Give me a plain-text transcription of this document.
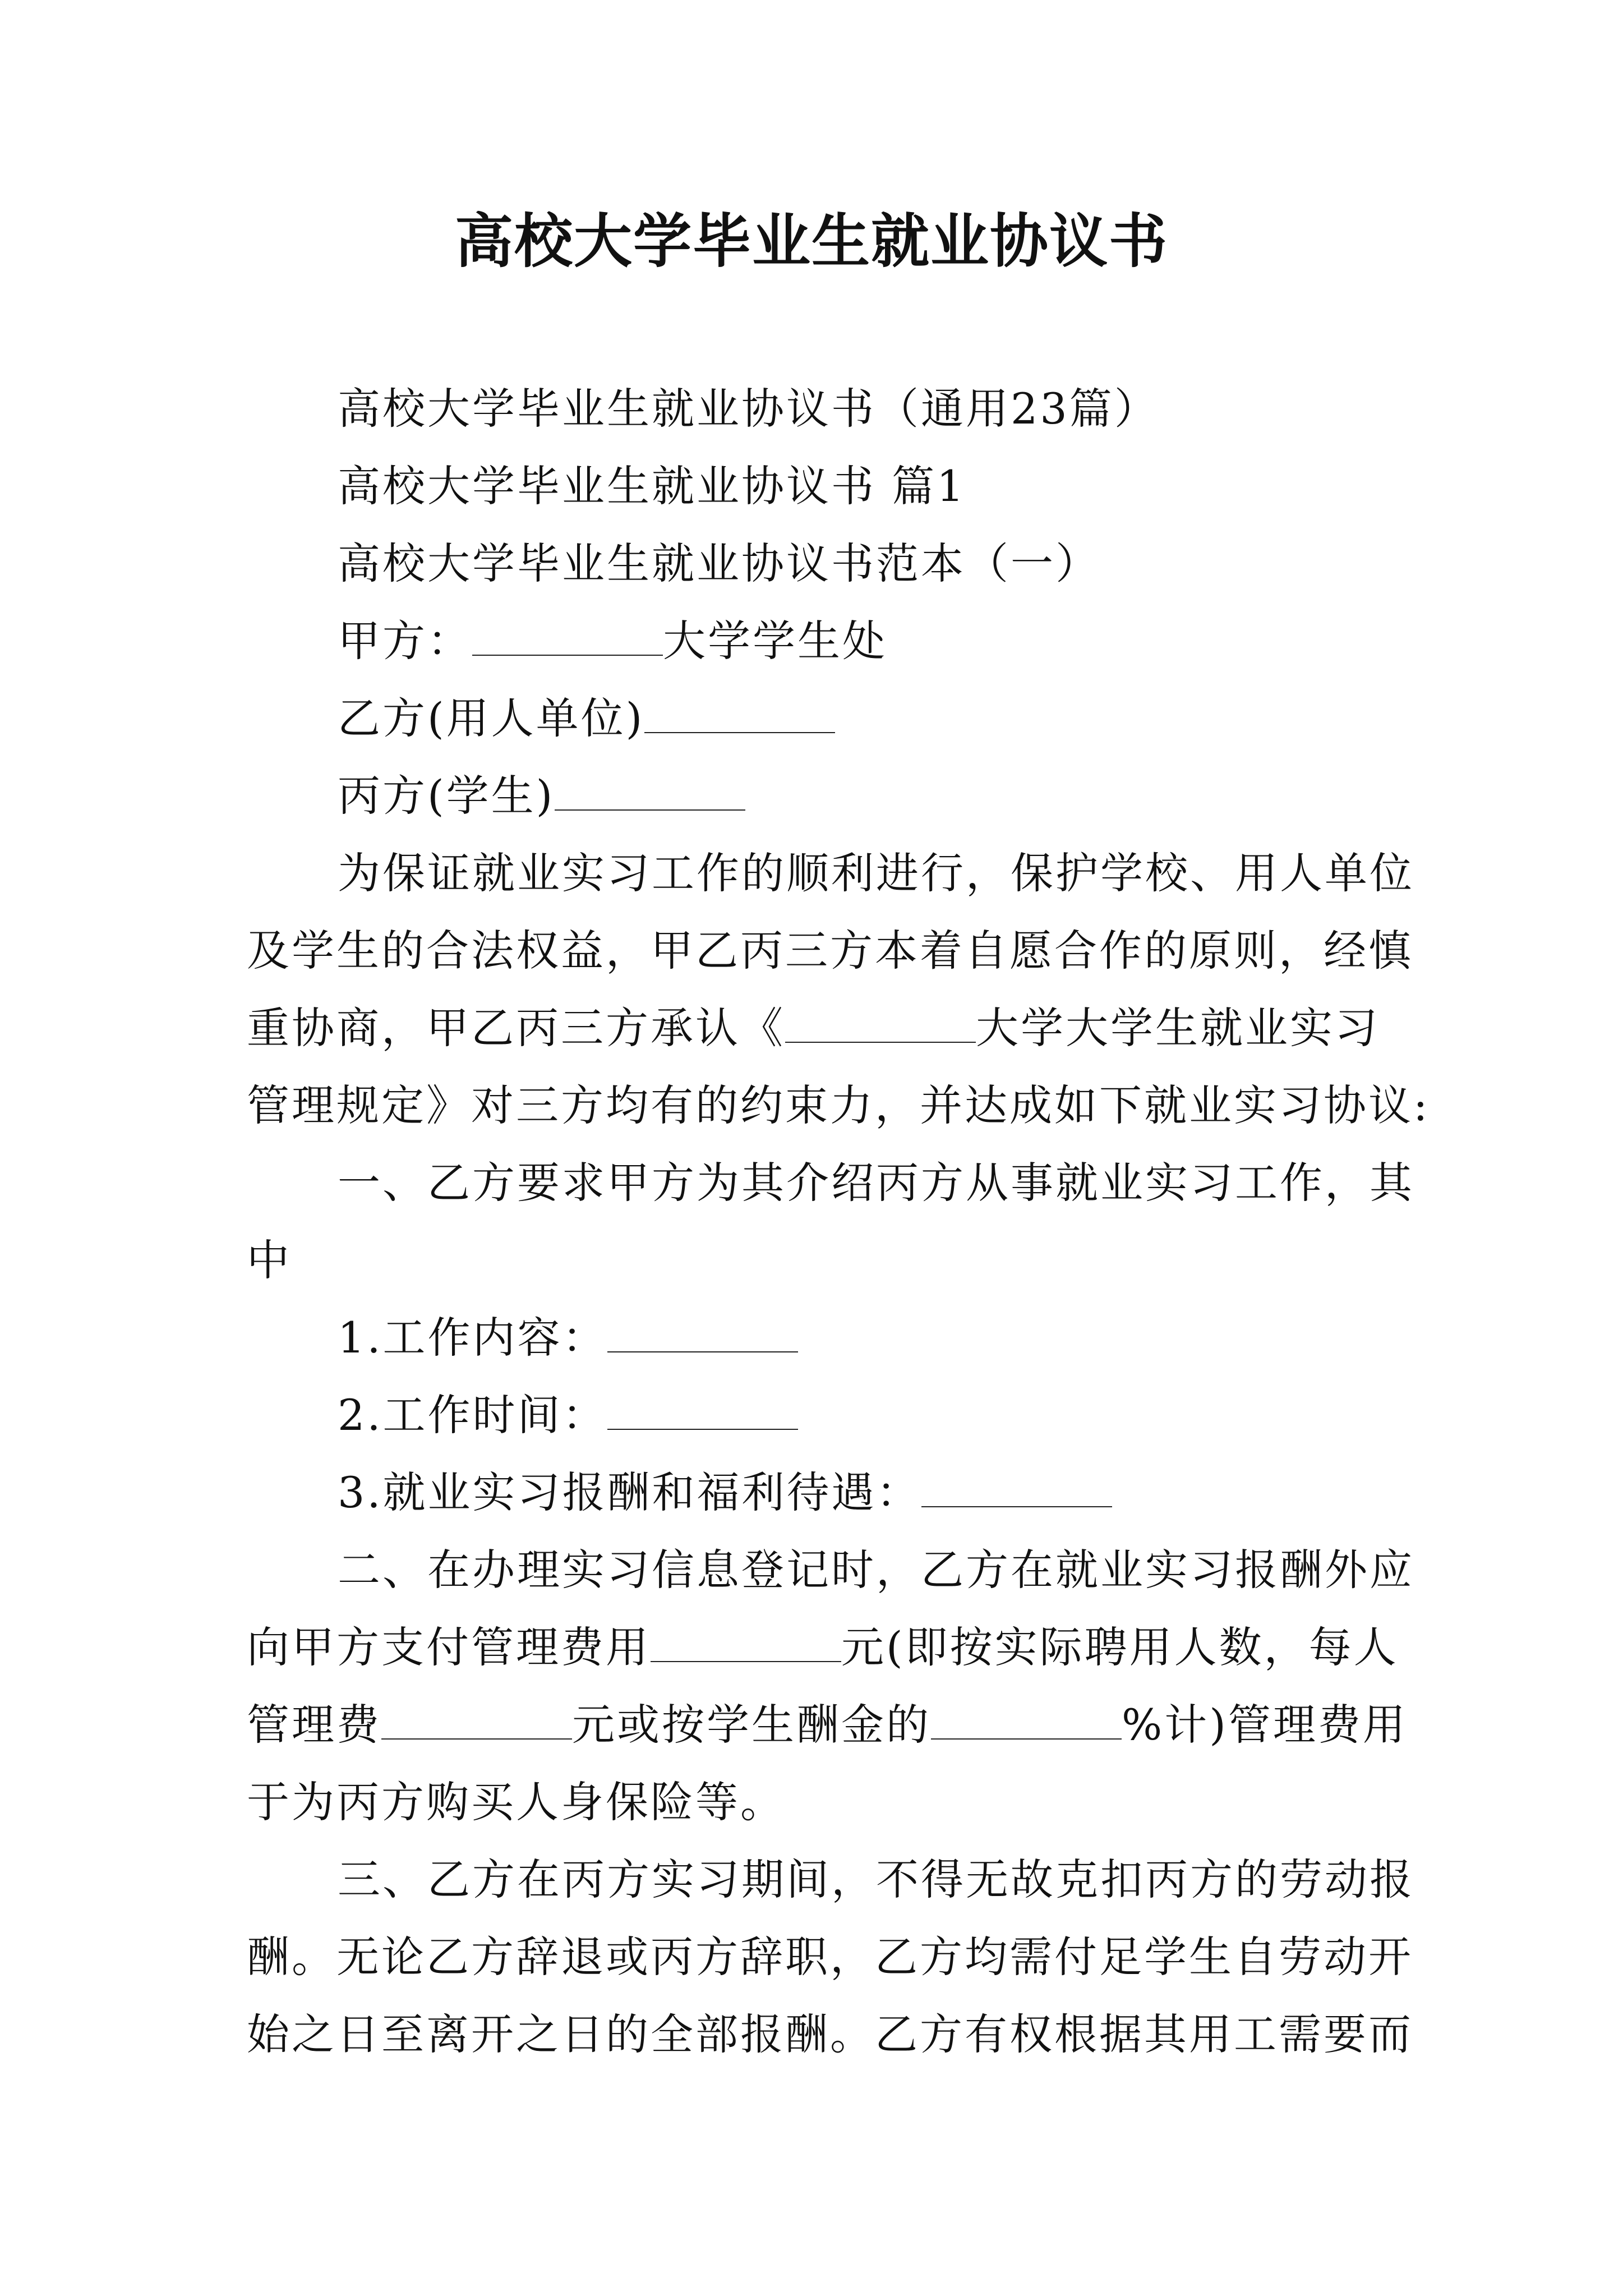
高校大学毕业生就业协议书
高校大学毕业生就业协议书（通用23篇）
高校大学毕业生就业协议书 篇1
高校大学毕业生就业协议书范本（一）
甲方：	大学学生处
乙方(用人单位)
丙方(学生)
为保证就业实习工作的顺利进行，保护学校、用人单位
及学生的合法权益，甲乙丙三方本着自愿合作的原则，经慎
重协商，甲乙丙三方承认《	大学大学生就业实习
管理规定》对三方均有的约束力，并达成如下就业实习协议:
一、乙方要求甲方为其介绍丙方从事就业实习工作，其
中
1.工作内容：
2.工作时间：
3.就业实习报酬和福利待遇：
二、在办理实习信息登记时，乙方在就业实习报酬外应
向甲方支付管理费用	元(即按实际聘用人数，每人
管理费	元或按学生酬金的	%计)管理费用
于为丙方购买人身保险等。
三、乙方在丙方实习期间，不得无故克扣丙方的劳动报
酬。无论乙方辞退或丙方辞职，乙方均需付足学生自劳动开
始之日至离开之日的全部报酬。乙方有权根据其用工需要而
